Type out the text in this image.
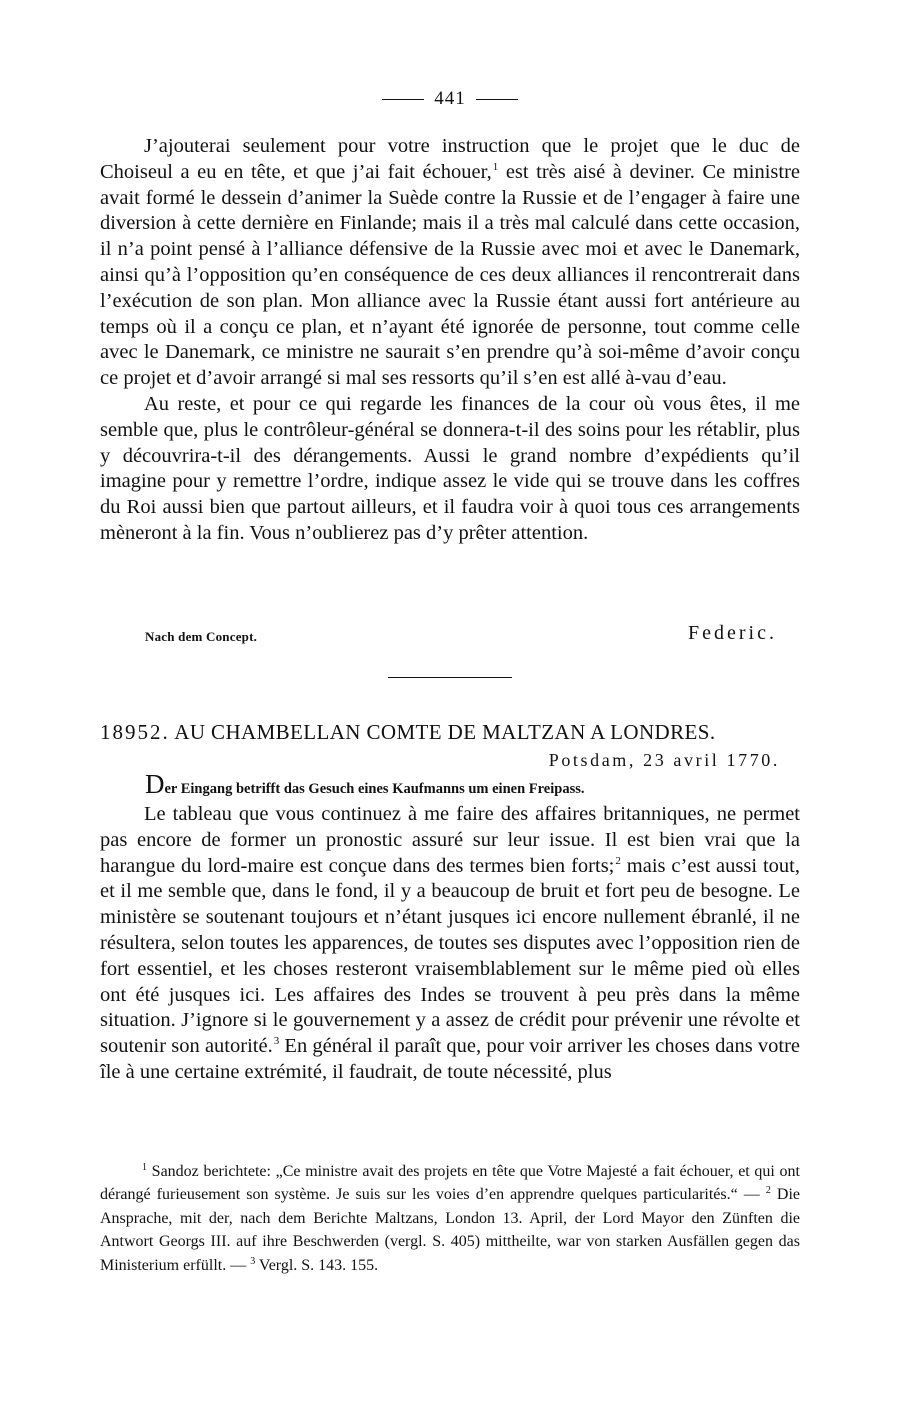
441

J’ajouterai seulement pour votre instruction que le projet que le duc de Choiseul a eu en tête, et que j’ai fait échouer,$^1$ est très aisé à deviner. Ce ministre avait formé le dessein d’animer la Suède contre la Russie et de l’engager à faire une diversion à cette dernière en Finlande; mais il a très mal calculé dans cette occasion, il n’a point pensé à l’alliance défensive de la Russie avec moi et avec le Danemark, ainsi qu’à l’opposition qu’en conséquence de ces deux alliances il rencontrerait dans l’exécution de son plan. Mon alliance avec la Russie étant aussi fort antérieure au temps où il a conçu ce plan, et n’ayant été ignorée de personne, tout comme celle avec le Danemark, ce ministre ne saurait s’en prendre qu’à soi-même d’avoir conçu ce projet et d’avoir arrangé si mal ses ressorts qu’il s’en est allé à-vau d’eau.

Au reste, et pour ce qui regarde les finances de la cour où vous êtes, il me semble que, plus le contrôleur-général se donnera-t-il des soins pour les rétablir, plus y découvrira-t-il des dérangements. Aussi le grand nombre d’expédients qu’il imagine pour y remettre l’ordre, indique assez le vide qui se trouve dans les coffres du Roi aussi bien que partout ailleurs, et il faudra voir à quoi tous ces arrangements mèneront à la fin. Vous n’oublierez pas d’y prêter attention.

Nach dem Concept.	Federic.
18952. AU CHAMBELLAN COMTE DE MALTZAN A LONDRES.
Potsdam, 23 avril 1770.
Der Eingang betrifft das Gesuch eines Kaufmanns um einen Freipass.

Le tableau que vous continuez à me faire des affaires britanniques, ne permet pas encore de former un pronostic assuré sur leur issue. Il est bien vrai que la harangue du lord-maire est conçue dans des termes bien forts;$^2$ mais c’est aussi tout, et il me semble que, dans le fond, il y a beaucoup de bruit et fort peu de besogne. Le ministère se soutenant toujours et n’étant jusques ici encore nullement ébranlé, il ne résultera, selon toutes les apparences, de toutes ses disputes avec l’opposition rien de fort essentiel, et les choses resteront vraisemblablement sur le même pied où elles ont été jusques ici. Les affaires des Indes se trouvent à peu près dans la même situation. J’ignore si le gouvernement y a assez de crédit pour prévenir une révolte et soutenir son autorité.$^3$ En général il paraît que, pour voir arriver les choses dans votre île à une certaine extrémité, il faudrait, de toute nécessité, plus

$^1$ Sandoz berichtete: „Ce ministre avait des projets en tête que Votre Majesté a fait échouer, et qui ont dérangé furieusement son système. Je suis sur les voies d’en apprendre quelques particularités.“ — $^2$ Die Ansprache, mit der, nach dem Berichte Maltzans, London 13. April, der Lord Mayor den Zünften die Antwort Georgs III. auf ihre Beschwerden (vergl. S. 405) mittheilte, war von starken Ausfällen gegen das Ministerium erfüllt. — $^3$ Vergl. S. 143. 155.
